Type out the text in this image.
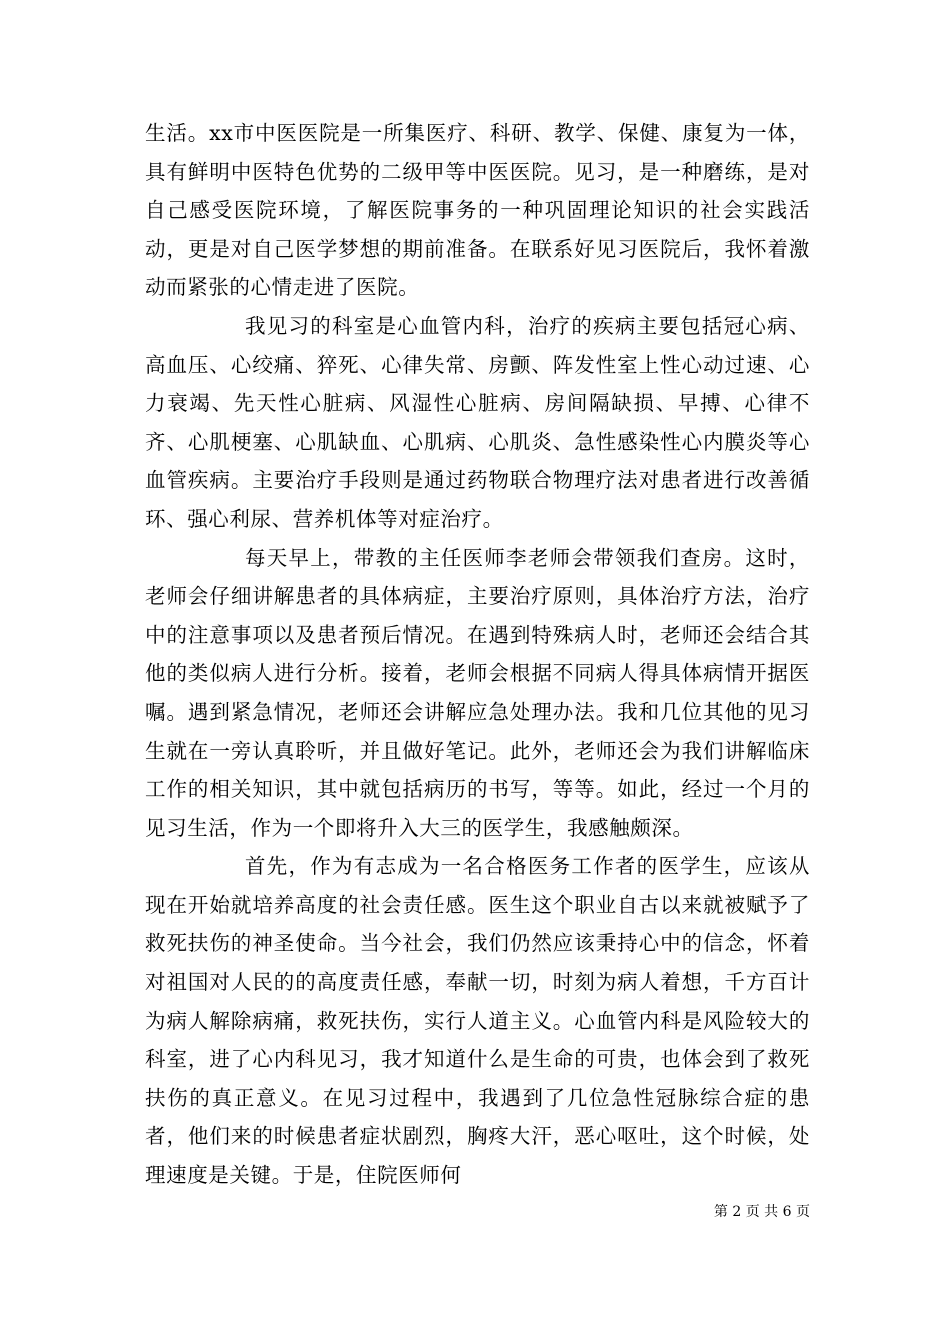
生活。xx市中医医院是一所集医疗、科研、教学、保健、康复为一体，具有鲜明中医特色优势的二级甲等中医医院。见习，是一种磨练，是对自己感受医院环境，了解医院事务的一种巩固理论知识的社会实践活动，更是对自己医学梦想的期前准备。在联系好见习医院后，我怀着激动而紧张的心情走进了医院。

我见习的科室是心血管内科，治疗的疾病主要包括冠心病、高血压、心绞痛、猝死、心律失常、房颤、阵发性室上性心动过速、心力衰竭、先天性心脏病、风湿性心脏病、房间隔缺损、早搏、心律不齐、心肌梗塞、心肌缺血、心肌病、心肌炎、急性感染性心内膜炎等心血管疾病。主要治疗手段则是通过药物联合物理疗法对患者进行改善循环、强心利尿、营养机体等对症治疗。

每天早上，带教的主任医师李老师会带领我们查房。这时，老师会仔细讲解患者的具体病症，主要治疗原则，具体治疗方法，治疗中的注意事项以及患者预后情况。在遇到特殊病人时，老师还会结合其他的类似病人进行分析。接着，老师会根据不同病人得具体病情开据医嘱。遇到紧急情况，老师还会讲解应急处理办法。我和几位其他的见习生就在一旁认真聆听，并且做好笔记。此外，老师还会为我们讲解临床工作的相关知识，其中就包括病历的书写，等等。如此，经过一个月的见习生活，作为一个即将升入大三的医学生，我感触颇深。

首先，作为有志成为一名合格医务工作者的医学生，应该从现在开始就培养高度的社会责任感。医生这个职业自古以来就被赋予了救死扶伤的神圣使命。当今社会，我们仍然应该秉持心中的信念，怀着对祖国对人民的的高度责任感，奉献一切，时刻为病人着想，千方百计为病人解除病痛，救死扶伤，实行人道主义。心血管内科是风险较大的科室，进了心内科见习，我才知道什么是生命的可贵，也体会到了救死扶伤的真正意义。在见习过程中，我遇到了几位急性冠脉综合症的患者，他们来的时候患者症状剧烈，胸疼大汗，恶心呕吐，这个时候，处理速度是关键。于是，住院医师何

第 2 页 共 6 页
